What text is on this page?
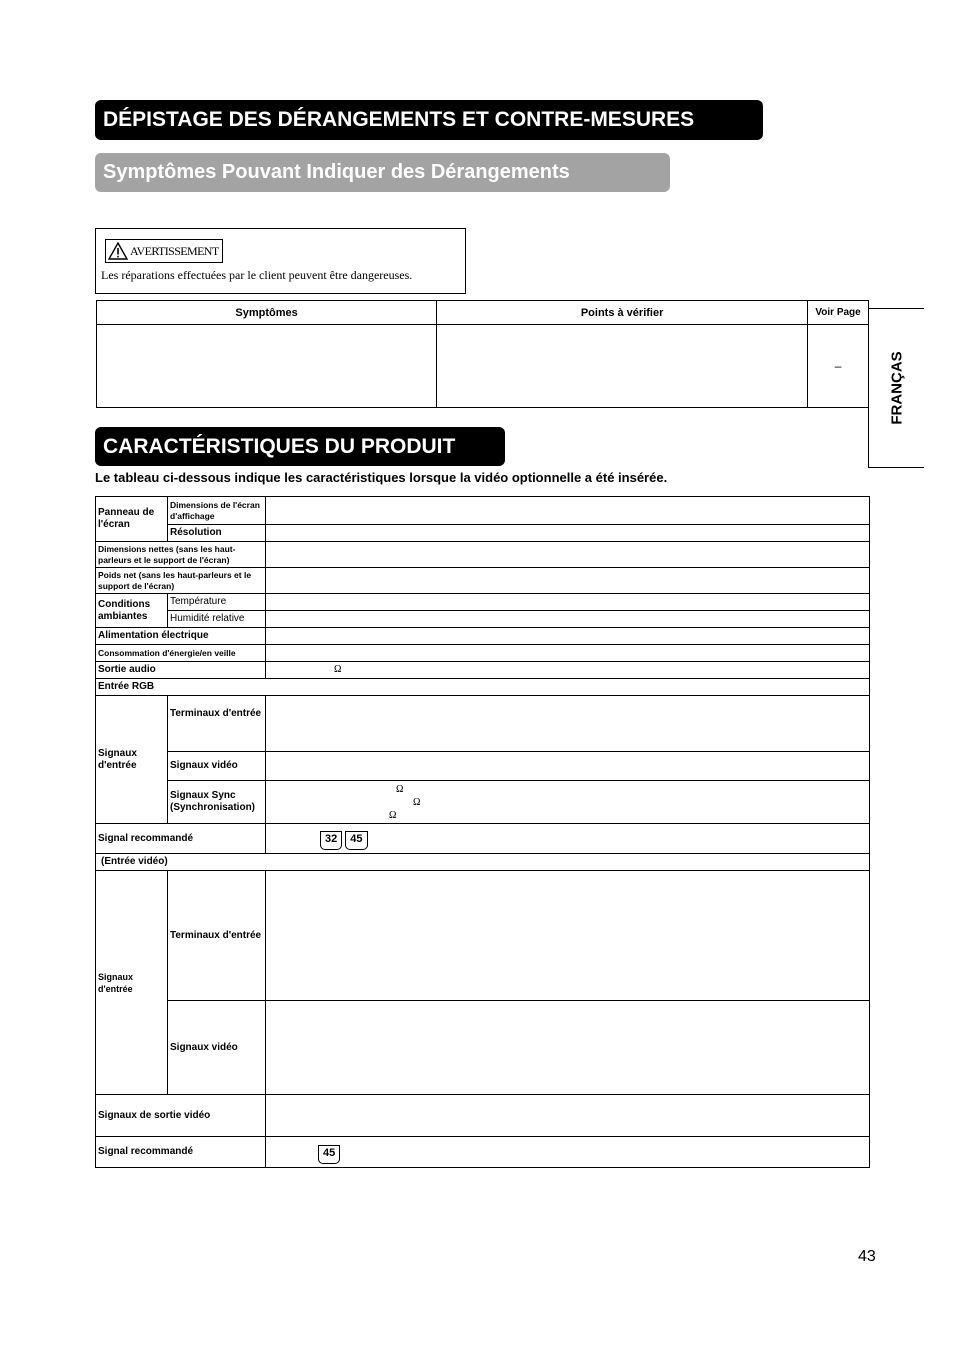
DÉPISTAGE DES DÉRANGEMENTS ET CONTRE-MESURES
Symptômes Pouvant Indiquer des Dérangements
AVERTISSEMENT
Les réparations effectuées par le client peuvent être dangereuses.
Symptômes	Points à vérifier	Voir Page
		–	FRANÇAS
CARACTÉRISTIQUES DU PRODUIT
Le tableau ci-dessous indique les caractéristiques lorsque la vidéo optionnelle a été insérée.
Panneau de l'écran	Dimensions de l'écran d'affichage	
	Résolution	
Dimensions nettes (sans les haut-parleurs et le support de l'écran)		
Poids net (sans les haut-parleurs et le support de l'écran)		
Conditions ambiantes	Température	
	Humidité relative	
Alimentation électrique		
Consommation d'énergie/en veille		
Sortie audio		Ω
Entrée RGB		
Signaux d'entrée	Terminaux d'entrée	
	Signaux vidéo	
	Signaux Sync (Synchronisation)	Ω
Ω
Ω

Signal recommandé		32 45
(Entrée vidéo)		
Signaux d'entrée	Terminaux d'entrée	
	Signaux vidéo	
Signaux de sortie vidéo		
Signal recommandé		45
43
